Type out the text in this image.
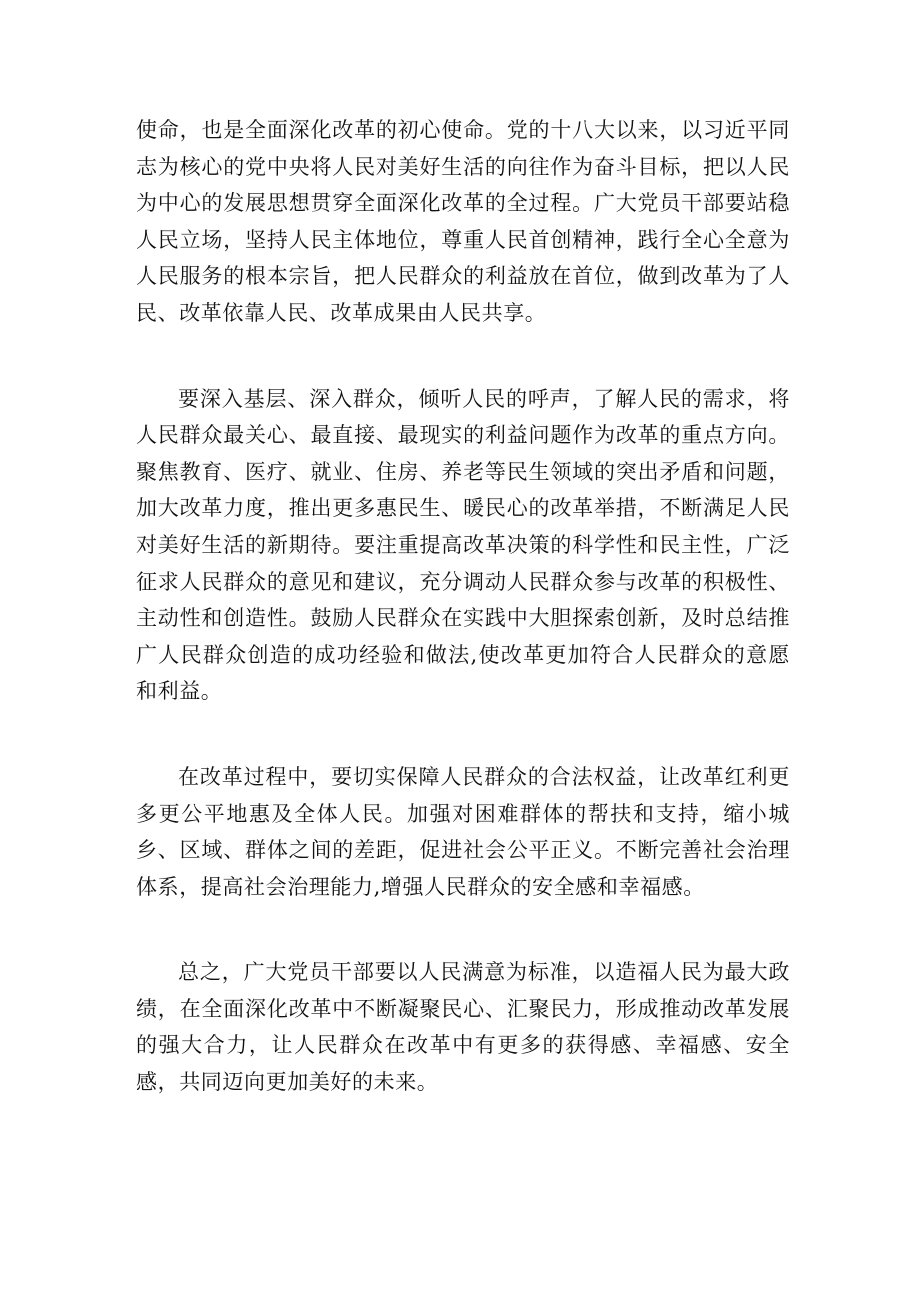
使命，也是全面深化改革的初心使命。党的十八大以来，以习近平同志为核心的党中央将人民对美好生活的向往作为奋斗目标，把以人民为中心的发展思想贯穿全面深化改革的全过程。广大党员干部要站稳人民立场，坚持人民主体地位，尊重人民首创精神，践行全心全意为人民服务的根本宗旨，把人民群众的利益放在首位，做到改革为了人民、改革依靠人民、改革成果由人民共享。

要深入基层、深入群众，倾听人民的呼声，了解人民的需求，将人民群众最关心、最直接、最现实的利益问题作为改革的重点方向。聚焦教育、医疗、就业、住房、养老等民生领域的突出矛盾和问题，加大改革力度，推出更多惠民生、暖民心的改革举措，不断满足人民对美好生活的新期待。要注重提高改革决策的科学性和民主性，广泛征求人民群众的意见和建议，充分调动人民群众参与改革的积极性、主动性和创造性。鼓励人民群众在实践中大胆探索创新，及时总结推广人民群众创造的成功经验和做法,使改革更加符合人民群众的意愿和利益。

在改革过程中，要切实保障人民群众的合法权益，让改革红利更多更公平地惠及全体人民。加强对困难群体的帮扶和支持，缩小城乡、区域、群体之间的差距，促进社会公平正义。不断完善社会治理体系，提高社会治理能力,增强人民群众的安全感和幸福感。

总之，广大党员干部要以人民满意为标准，以造福人民为最大政绩，在全面深化改革中不断凝聚民心、汇聚民力，形成推动改革发展的强大合力，让人民群众在改革中有更多的获得感、幸福感、安全感，共同迈向更加美好的未来。
